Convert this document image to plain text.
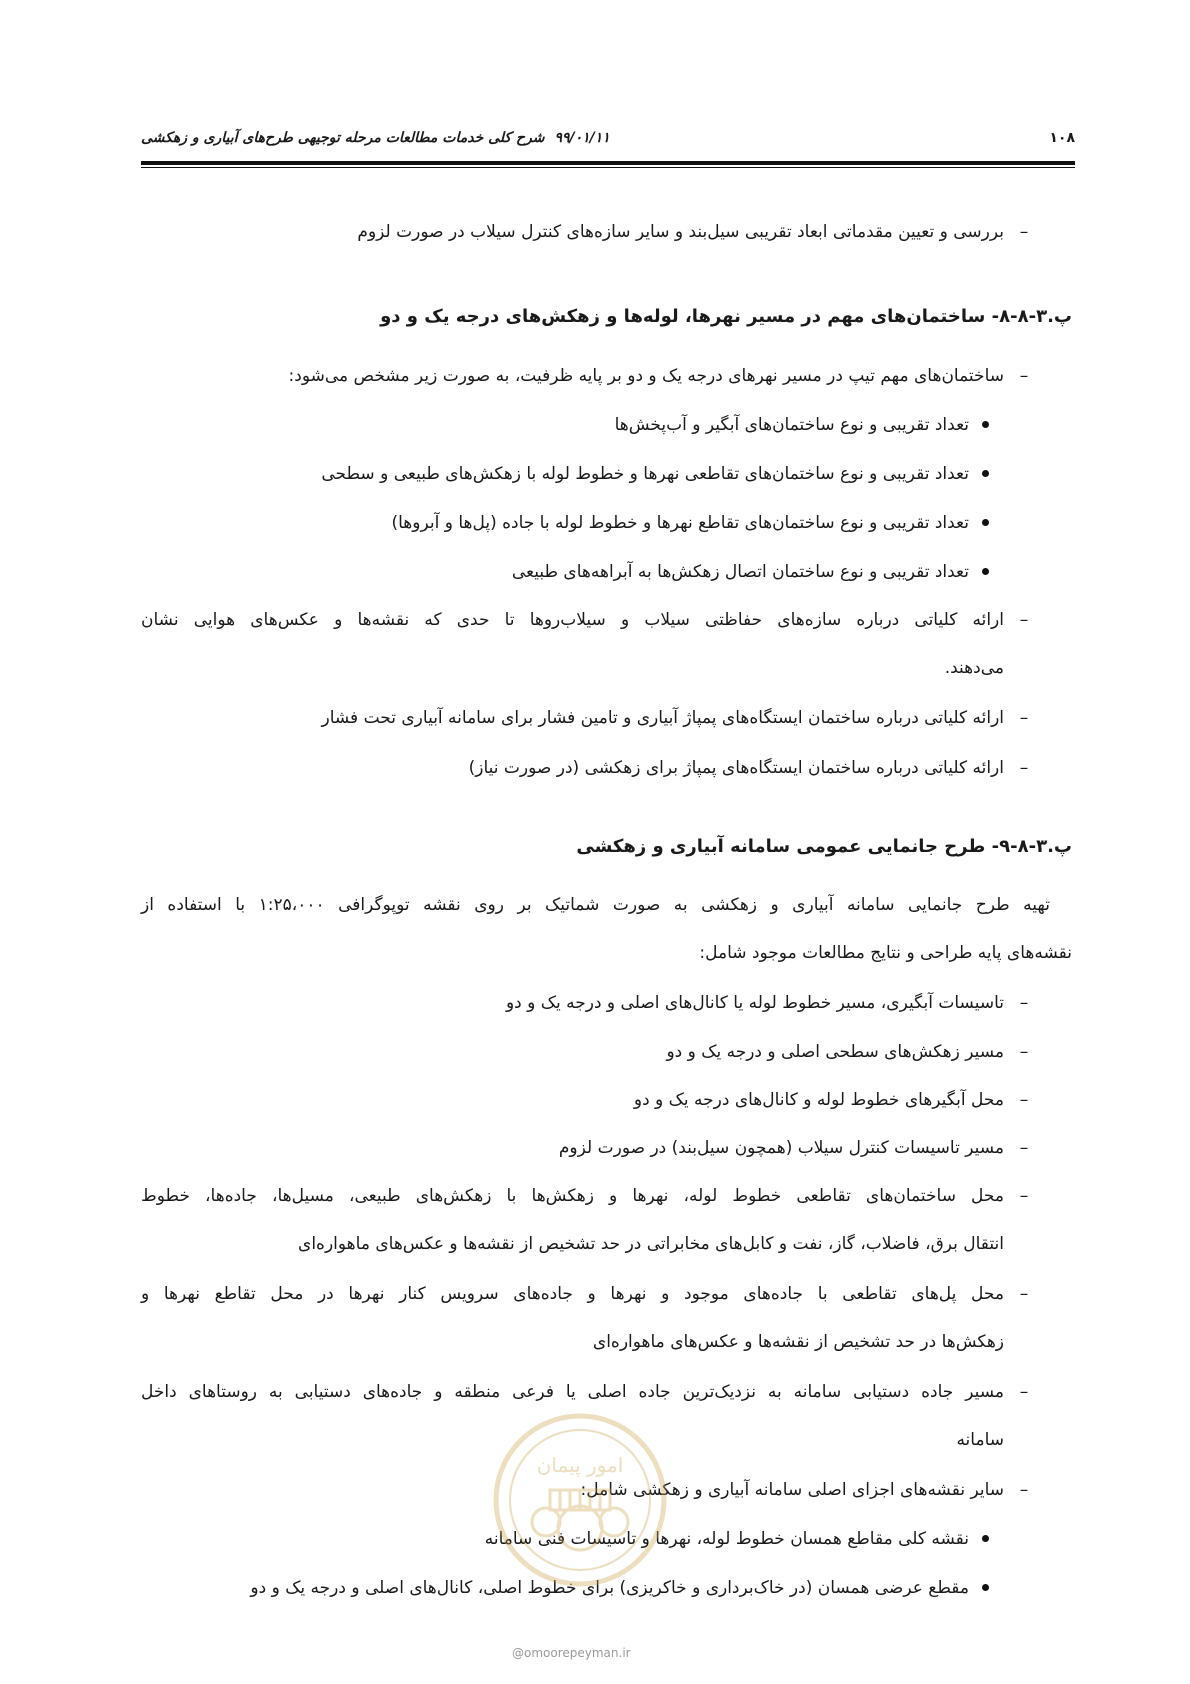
۱۰۸
۹۹/۰۱/۱۱شرح کلی خدمات مطالعات مرحله توجیهی طرح‌های آبیاری و زهکشی
–
بررسی و تعیین مقدماتی ابعاد تقریبی سیل‌بند و سایر سازه‌های کنترل سیلاب در صورت لزوم
پ.۳-۸-۸- ساختمان‌های مهم در مسیر نهرها، لوله‌ها و زهکش‌های درجه یک و دو
–
ساختمان‌های مهم تیپ در مسیر نهرهای درجه یک و دو بر پایه ظرفیت، به صورت زیر مشخص می‌شود:
تعداد تقریبی و نوع ساختمان‌های آبگیر و آب‌پخش‌ها
تعداد تقریبی و نوع ساختمان‌های تقاطعی نهرها و خطوط لوله با زهکش‌های طبیعی و سطحی
تعداد تقریبی و نوع ساختمان‌های تقاطع نهرها و خطوط لوله با جاده (پل‌ها و آبروها)
تعداد تقریبی و نوع ساختمان اتصال زهکش‌ها به آبراهه‌های طبیعی
–
ارائه کلیاتی درباره سازه‌های حفاظتی سیلاب و سیلاب‌روها تا حدی که نقشه‌ها و عکس‌های هوایی نشان
می‌دهند.
–
ارائه کلیاتی درباره ساختمان ایستگاه‌های پمپاژ آبیاری و تامین فشار برای سامانه آبیاری تحت فشار
–
ارائه کلیاتی درباره ساختمان ایستگاه‌های پمپاژ برای زهکشی (در صورت نیاز)
پ.۳-۸-۹- طرح جانمایی عمومی سامانه آبیاری و زهکشی
تهیه طرح جانمایی سامانه آبیاری و زهکشی به صورت شماتیک بر روی نقشه توپوگرافی ۱:۲۵،۰۰۰ با استفاده از
نقشه‌های پایه طراحی و نتایج مطالعات موجود شامل:
–
تاسیسات آبگیری، مسیر خطوط لوله یا کانال‌های اصلی و درجه یک و دو
–
مسیر زهکش‌های سطحی اصلی و درجه یک و دو
–
محل آبگیرهای خطوط لوله و کانال‌های درجه یک و دو
–
مسیر تاسیسات کنترل سیلاب (همچون سیل‌بند) در صورت لزوم
–
محل ساختمان‌های تقاطعی خطوط لوله، نهرها و زهکش‌ها با زهکش‌های طبیعی، مسیل‌ها، جاده‌ها، خطوط
انتقال برق، فاضلاب، گاز، نفت و کابل‌های مخابراتی در حد تشخیص از نقشه‌ها و عکس‌های ماهواره‌ای
–
محل پل‌های تقاطعی با جاده‌های موجود و نهرها و جاده‌های سرویس کنار نهرها در محل تقاطع نهرها و
زهکش‌ها در حد تشخیص از نقشه‌ها و عکس‌های ماهواره‌ای
–
مسیر جاده دستیابی سامانه به نزدیک‌ترین جاده اصلی یا فرعی منطقه و جاده‌های دستیابی به روستاهای داخل
سامانه
–
سایر نقشه‌های اجزای اصلی سامانه آبیاری و زهکشی شامل:
نقشه کلی مقاطع همسان خطوط لوله، نهرها و تاسیسات فنی سامانه
مقطع عرضی همسان (در خاک‌برداری و خاکریزی) برای خطوط اصلی، کانال‌های اصلی و درجه یک و دو
امور پیمان
@omoorepeyman.ir
